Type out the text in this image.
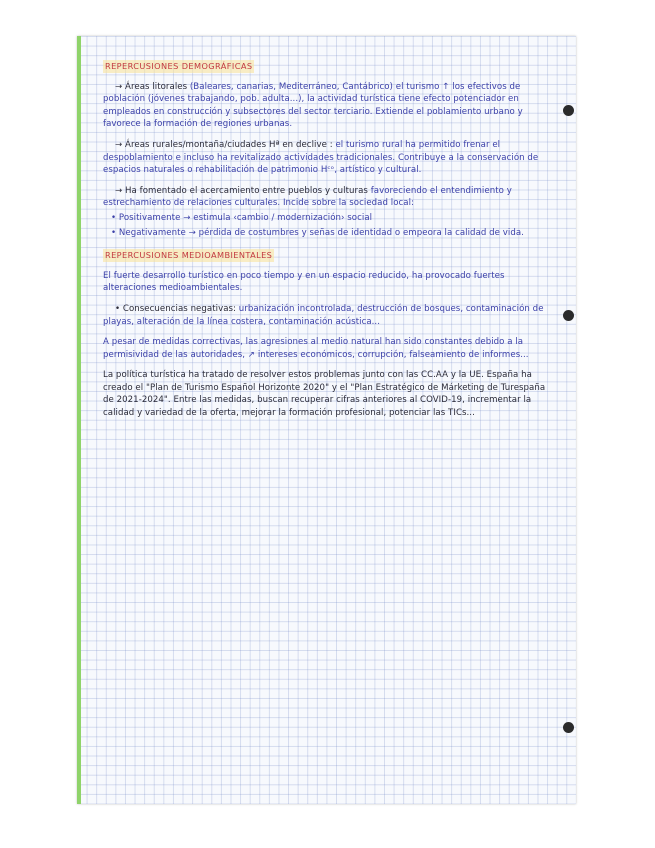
REPERCUSIONES DEMOGRÁFICAS

→ Áreas litorales (Baleares, canarias, Mediterráneo, Cantábrico) el turismo ↑ los efectivos de población (jóvenes trabajando, pob. adulta...), la actividad turística tiene efecto potenciador en empleados en construcción y subsectores del sector terciario. Extiende el poblamiento urbano y favorece la formación de regiones urbanas.

→ Áreas rurales/montaña/ciudades Hª en declive : el turismo rural ha permitido frenar el despoblamiento e incluso ha revitalizado actividades tradicionales. Contribuye a la conservación de espacios naturales o rehabilitación de patrimonio Hᶜᵒ, artístico y cultural.

→ Ha fomentado el acercamiento entre pueblos y culturas favoreciendo el entendimiento y estrechamiento de relaciones culturales. Incide sobre la sociedad local:

• Positivamente → estimula ‹cambio / modernización› social

• Negativamente → pérdida de costumbres y señas de identidad o empeora la calidad de vida.

REPERCUSIONES MEDIOAMBIENTALES

El fuerte desarrollo turístico en poco tiempo y en un espacio reducido, ha provocado fuertes alteraciones medioambientales.

• Consecuencias negativas: urbanización incontrolada, destrucción de bosques, contaminación de playas, alteración de la línea costera, contaminación acústica...

A pesar de medidas correctivas, las agresiones al medio natural han sido constantes debido a la permisividad de las autoridades, ↗ intereses económicos, corrupción, falseamiento de informes...

La política turística ha tratado de resolver estos problemas junto con las CC.AA y la UE. España ha creado el "Plan de Turismo Español Horizonte 2020" y el "Plan Estratégico de Márketing de Turespaña de 2021-2024". Entre las medidas, buscan recuperar cifras anteriores al COVID-19, incrementar la calidad y variedad de la oferta, mejorar la formación profesional, potenciar las TICs...
